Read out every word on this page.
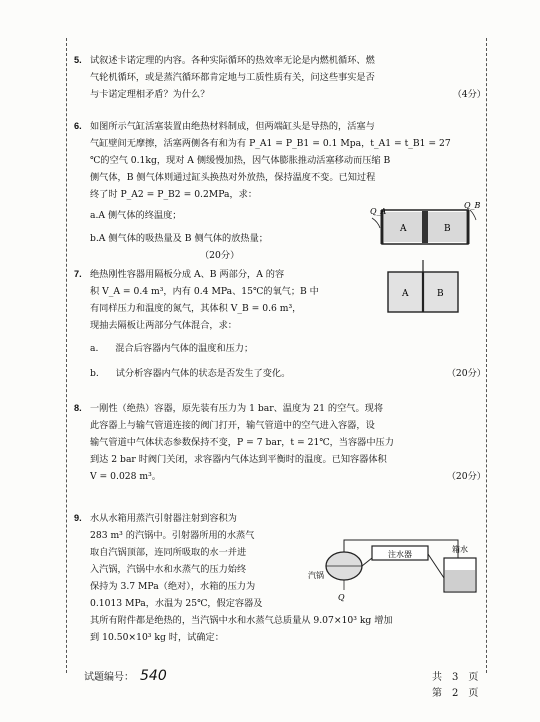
5. 试叙述卡诺定理的内容。各种实际循环的热效率无论是内燃机循环、燃
气轮机循环，或是蒸汽循环都肯定地与工质性质有关，问这些事实是否
与卡诺定理相矛盾？为什么？	（4分）
6. 如图所示气缸活塞装置由绝热材料制成，但两端缸头是导热的，活塞与
气缸壁间无摩擦，活塞两侧各有和为有 P_A1 = P_B1 = 0.1 Mpa，t_A1 = t_B1 = 27
℃的空气 0.1kg，现对 A 侧缓慢加热，因气体膨胀推动活塞移动而压缩 B
侧气体，B 侧气体则通过缸头换热对外放热，保持温度不变。已知过程
终了时 P_A2 = P_B2 = 0.2MPa，求：
a.A 侧气体的终温度；
b.A 侧气体的吸热量及 B 侧气体的放热量；
（20分）
A	B
Q_A
Q_B
7. 绝热刚性容器用隔板分成 A、B 两部分，A 的容
积 V_A = 0.4 m³，内有 0.4 MPa、15℃的氧气；B 中
有同样压力和温度的氮气，其体积 V_B = 0.6 m³，
现抽去隔板让两部分气体混合，求：
a. 混合后容器内气体的温度和压力；
b. 试分析容器内气体的状态是否发生了变化。	（20分）
A	B
8. 一刚性（绝热）容器，原先装有压力为 1 bar、温度为 21 的空气。现将
此容器上与输气管道连接的阀门打开，输气管道中的空气进入容器，设
输气管道中气体状态参数保持不变，P = 7 bar，t = 21℃，当容器中压力
到达 2 bar 时阀门关闭，求容器内气体达到平衡时的温度。已知容器体积
V = 0.028 m³。	（20分）
9. 水从水箱用蒸汽引射器注射到容积为
283 m³ 的汽锅中。引射器所用的水蒸气
取自汽锅顶部，连同所吸取的水一并进
入汽锅，汽锅中水和水蒸气的压力始终
保持为 3.7 MPa（绝对），水箱的压力为
0.1013 MPa，水温为 25℃，假定容器及
其所有附件都是绝热的，当汽锅中水和水蒸气总质量从 9.07×10³ kg 增加
到 10.50×10³ kg 时，试确定：
注水器
箱水
汽锅
Q
试题编号： 540	共 3 页
第 2 页
